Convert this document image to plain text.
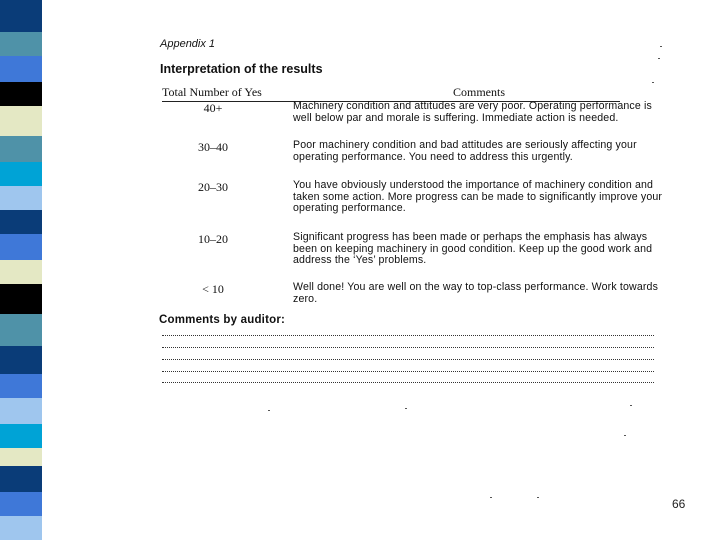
Appendix 1
Interpretation of the results
Total Number of Yes	Comments
40+	Machinery condition and attitudes are very poor. Operating performance is well below par and morale is suffering. Immediate action is needed.
30–40	Poor machinery condition and bad attitudes are seriously affecting your operating performance. You need to address this urgently.
20–30	You have obviously understood the importance of machinery condition and taken some action. More progress can be made to significantly improve your operating performance.
10–20	Significant progress has been made or perhaps the emphasis has always been on keeping machinery in good condition. Keep up the good work and address the ‘Yes’ problems.
< 10	Well done! You are well on the way to top-class performance. Work towards zero.
Comments by auditor:
66
